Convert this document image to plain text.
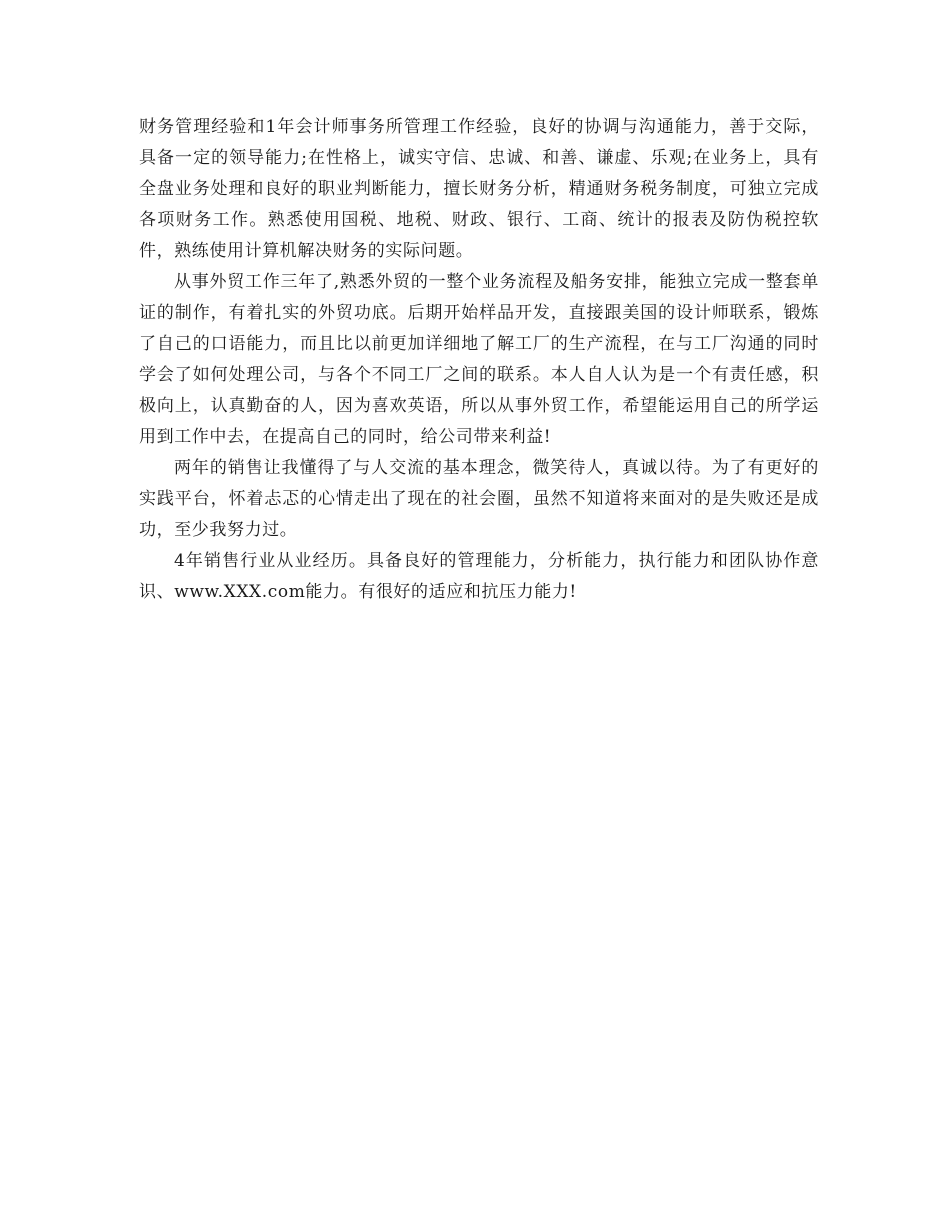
财务管理经验和1年会计师事务所管理工作经验，良好的协调与沟通能力，善于交际，具备一定的领导能力;在性格上，诚实守信、忠诚、和善、谦虚、乐观;在业务上，具有全盘业务处理和良好的职业判断能力，擅长财务分析，精通财务税务制度，可独立完成各项财务工作。熟悉使用国税、地税、财政、银行、工商、统计的报表及防伪税控软件，熟练使用计算机解决财务的实际问题。

从事外贸工作三年了,熟悉外贸的一整个业务流程及船务安排，能独立完成一整套单证的制作，有着扎实的外贸功底。后期开始样品开发，直接跟美国的设计师联系，锻炼了自己的口语能力，而且比以前更加详细地了解工厂的生产流程，在与工厂沟通的同时学会了如何处理公司，与各个不同工厂之间的联系。本人自人认为是一个有责任感，积极向上，认真勤奋的人，因为喜欢英语，所以从事外贸工作，希望能运用自己的所学运用到工作中去，在提高自己的同时，给公司带来利益!

两年的销售让我懂得了与人交流的基本理念，微笑待人，真诚以待。为了有更好的实践平台，怀着忐忑的心情走出了现在的社会圈，虽然不知道将来面对的是失败还是成功，至少我努力过。

4年销售行业从业经历。具备良好的管理能力，分析能力，执行能力和团队协作意识、www.XXX.com能力。有很好的适应和抗压力能力!
